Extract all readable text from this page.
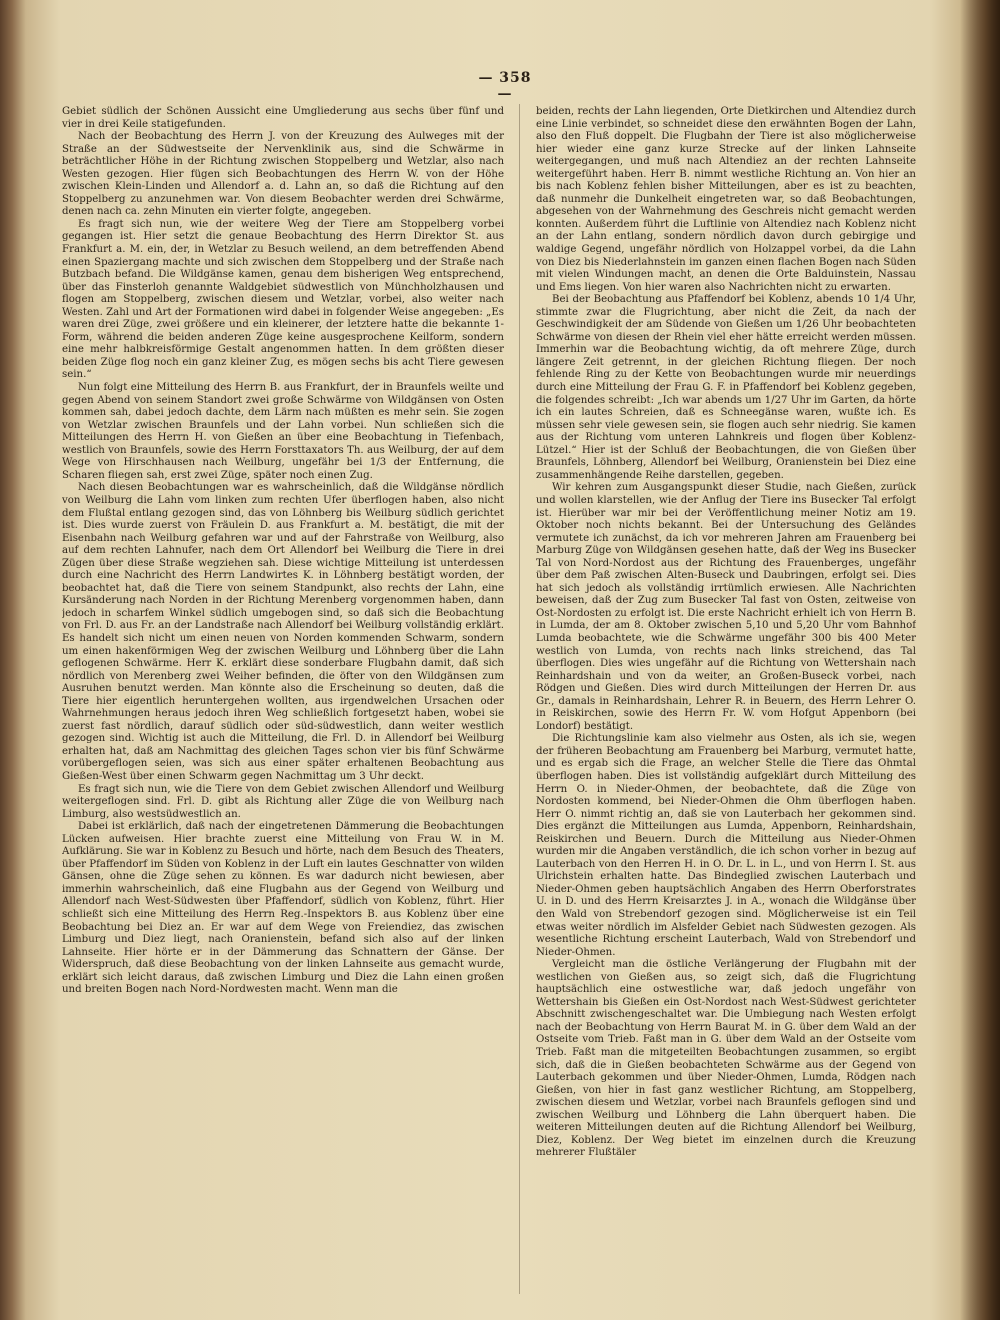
— 358 —

Gebiet südlich der Schönen Aussicht eine Umgliederung aus sechs über fünf und vier in drei Keile statigefunden.

Nach der Beobachtung des Herrn J. von der Kreuzung des Aulweges mit der Straße an der Südwestseite der Nervenklinik aus, sind die Schwärme in beträchtlicher Höhe in der Richtung zwischen Stoppelberg und Wetzlar, also nach Westen gezogen. Hier fügen sich Beobachtungen des Herrn W. von der Höhe zwischen Klein-Linden und Allendorf a. d. Lahn an, so daß die Richtung auf den Stoppelberg zu anzunehmen war. Von diesem Beobachter werden drei Schwärme, denen nach ca. zehn Minuten ein vierter folgte, angegeben.

Es fragt sich nun, wie der weitere Weg der Tiere am Stoppelberg vorbei gegangen ist. Hier setzt die genaue Beobachtung des Herrn Direktor St. aus Frankfurt a. M. ein, der, in Wetzlar zu Besuch weilend, an dem betreffenden Abend einen Spaziergang machte und sich zwischen dem Stoppelberg und der Straße nach Butzbach befand. Die Wildgänse kamen, genau dem bisherigen Weg entsprechend, über das Finsterloh genannte Waldgebiet südwestlich von Münchholzhausen und flogen am Stoppelberg, zwischen diesem und Wetzlar, vorbei, also weiter nach Westen. Zahl und Art der Formationen wird dabei in folgender Weise angegeben: „Es waren drei Züge, zwei größere und ein kleinerer, der letztere hatte die bekannte 1-Form, während die beiden anderen Züge keine ausgesprochene Keilform, sondern eine mehr halbkreisförmige Gestalt angenommen hatten. In dem größten dieser beiden Züge flog noch ein ganz kleiner Zug, es mögen sechs bis acht Tiere gewesen sein.“

Nun folgt eine Mitteilung des Herrn B. aus Frankfurt, der in Braunfels weilte und gegen Abend von seinem Standort zwei große Schwärme von Wildgänsen von Osten kommen sah, dabei jedoch dachte, dem Lärm nach müßten es mehr sein. Sie zogen von Wetzlar zwischen Braunfels und der Lahn vorbei. Nun schließen sich die Mitteilungen des Herrn H. von Gießen an über eine Beobachtung in Tiefenbach, westlich von Braunfels, sowie des Herrn Forsttaxators Th. aus Weilburg, der auf dem Wege von Hirschhausen nach Weilburg, ungefähr bei 1/3 der Entfernung, die Scharen fliegen sah, erst zwei Züge, später noch einen Zug.

Nach diesen Beobachtungen war es wahrscheinlich, daß die Wildgänse nördlich von Weilburg die Lahn vom linken zum rechten Ufer überflogen haben, also nicht dem Flußtal entlang gezogen sind, das von Löhnberg bis Weilburg südlich gerichtet ist. Dies wurde zuerst von Fräulein D. aus Frankfurt a. M. bestätigt, die mit der Eisenbahn nach Weilburg gefahren war und auf der Fahrstraße von Weilburg, also auf dem rechten Lahnufer, nach dem Ort Allendorf bei Weilburg die Tiere in drei Zügen über diese Straße wegziehen sah. Diese wichtige Mitteilung ist unterdessen durch eine Nachricht des Herrn Landwirtes K. in Löhnberg bestätigt worden, der beobachtet hat, daß die Tiere von seinem Standpunkt, also rechts der Lahn, eine Kursänderung nach Norden in der Richtung Merenberg vorgenommen haben, dann jedoch in scharfem Winkel südlich umgebogen sind, so daß sich die Beobachtung von Frl. D. aus Fr. an der Landstraße nach Allendorf bei Weilburg vollständig erklärt. Es handelt sich nicht um einen neuen von Norden kommenden Schwarm, sondern um einen hakenförmigen Weg der zwischen Weilburg und Löhnberg über die Lahn geflogenen Schwärme. Herr K. erklärt diese sonderbare Flugbahn damit, daß sich nördlich von Merenberg zwei Weiher befinden, die öfter von den Wildgänsen zum Ausruhen benutzt werden. Man könnte also die Erscheinung so deuten, daß die Tiere hier eigentlich heruntergehen wollten, aus irgendwelchen Ursachen oder Wahrnehmungen heraus jedoch ihren Weg schließlich fortgesetzt haben, wobei sie zuerst fast nördlich, darauf südlich oder süd-südwestlich, dann weiter westlich gezogen sind. Wichtig ist auch die Mitteilung, die Frl. D. in Allendorf bei Weilburg erhalten hat, daß am Nachmittag des gleichen Tages schon vier bis fünf Schwärme vorübergeflogen seien, was sich aus einer später erhaltenen Beobachtung aus Gießen-West über einen Schwarm gegen Nachmittag um 3 Uhr deckt.

Es fragt sich nun, wie die Tiere von dem Gebiet zwischen Allendorf und Weilburg weitergeflogen sind. Frl. D. gibt als Richtung aller Züge die von Weilburg nach Limburg, also westsüdwestlich an.

Dabei ist erklärlich, daß nach der eingetretenen Dämmerung die Beobachtungen Lücken aufweisen. Hier brachte zuerst eine Mitteilung von Frau W. in M. Aufklärung. Sie war in Koblenz zu Besuch und hörte, nach dem Besuch des Theaters, über Pfaffendorf im Süden von Koblenz in der Luft ein lautes Geschnatter von wilden Gänsen, ohne die Züge sehen zu können. Es war dadurch nicht bewiesen, aber immerhin wahrscheinlich, daß eine Flugbahn aus der Gegend von Weilburg und Allendorf nach West-Südwesten über Pfaffendorf, südlich von Koblenz, führt. Hier schließt sich eine Mitteilung des Herrn Reg.-Inspektors B. aus Koblenz über eine Beobachtung bei Diez an. Er war auf dem Wege von Freiendiez, das zwischen Limburg und Diez liegt, nach Oranienstein, befand sich also auf der linken Lahnseite. Hier hörte er in der Dämmerung das Schnattern der Gänse. Der Widerspruch, daß diese Beobachtung von der linken Lahnseite aus gemacht wurde, erklärt sich leicht daraus, daß zwischen Limburg und Diez die Lahn einen großen und breiten Bogen nach Nord-Nordwesten macht. Wenn man die

beiden, rechts der Lahn liegenden, Orte Dietkirchen und Altendiez durch eine Linie verbindet, so schneidet diese den erwähnten Bogen der Lahn, also den Fluß doppelt. Die Flugbahn der Tiere ist also möglicherweise hier wieder eine ganz kurze Strecke auf der linken Lahnseite weitergegangen, und muß nach Altendiez an der rechten Lahnseite weitergeführt haben. Herr B. nimmt westliche Richtung an. Von hier an bis nach Koblenz fehlen bisher Mitteilungen, aber es ist zu beachten, daß nunmehr die Dunkelheit eingetreten war, so daß Beobachtungen, abgesehen von der Wahrnehmung des Geschreis nicht gemacht werden konnten. Außerdem führt die Luftlinie von Altendiez nach Koblenz nicht an der Lahn entlang, sondern nördlich davon durch gebirgige und waldige Gegend, ungefähr nördlich von Holzappel vorbei, da die Lahn von Diez bis Niederlahnstein im ganzen einen flachen Bogen nach Süden mit vielen Windungen macht, an denen die Orte Balduinstein, Nassau und Ems liegen. Von hier waren also Nachrichten nicht zu erwarten.

Bei der Beobachtung aus Pfaffendorf bei Koblenz, abends 10 1/4 Uhr, stimmte zwar die Flugrichtung, aber nicht die Zeit, da nach der Geschwindigkeit der am Südende von Gießen um 1/26 Uhr beobachteten Schwärme von diesen der Rhein viel eher hätte erreicht werden müssen. Immerhin war die Beobachtung wichtig, da oft mehrere Züge, durch längere Zeit getrennt, in der gleichen Richtung fliegen. Der noch fehlende Ring zu der Kette von Beobachtungen wurde mir neuerdings durch eine Mitteilung der Frau G. F. in Pfaffendorf bei Koblenz gegeben, die folgendes schreibt: „Ich war abends um 1/27 Uhr im Garten, da hörte ich ein lautes Schreien, daß es Schneegänse waren, wußte ich. Es müssen sehr viele gewesen sein, sie flogen auch sehr niedrig. Sie kamen aus der Richtung vom unteren Lahnkreis und flogen über Koblenz-Lützel.“ Hier ist der Schluß der Beobachtungen, die von Gießen über Braunfels, Löhnberg, Allendorf bei Weilburg, Oranienstein bei Diez eine zusammenhängende Reihe darstellen, gegeben.

Wir kehren zum Ausgangspunkt dieser Studie, nach Gießen, zurück und wollen klarstellen, wie der Anflug der Tiere ins Busecker Tal erfolgt ist. Hierüber war mir bei der Veröffentlichung meiner Notiz am 19. Oktober noch nichts bekannt. Bei der Untersuchung des Geländes vermutete ich zunächst, da ich vor mehreren Jahren am Frauenberg bei Marburg Züge von Wildgänsen gesehen hatte, daß der Weg ins Busecker Tal von Nord-Nordost aus der Richtung des Frauenberges, ungefähr über dem Paß zwischen Alten-Buseck und Daubringen, erfolgt sei. Dies hat sich jedoch als vollständig irrtümlich erwiesen. Alle Nachrichten beweisen, daß der Zug zum Busecker Tal fast von Osten, zeitweise von Ost-Nordosten zu erfolgt ist. Die erste Nachricht erhielt ich von Herrn B. in Lumda, der am 8. Oktober zwischen 5,10 und 5,20 Uhr vom Bahnhof Lumda beobachtete, wie die Schwärme ungefähr 300 bis 400 Meter westlich von Lumda, von rechts nach links streichend, das Tal überflogen. Dies wies ungefähr auf die Richtung von Wettershain nach Reinhardshain und von da weiter, an Großen-Buseck vorbei, nach Rödgen und Gießen. Dies wird durch Mitteilungen der Herren Dr. aus Gr., damals in Reinhardshain, Lehrer R. in Beuern, des Herrn Lehrer O. in Reiskirchen, sowie des Herrn Fr. W. vom Hofgut Appenborn (bei Londorf) bestätigt.

Die Richtungslinie kam also vielmehr aus Osten, als ich sie, wegen der früheren Beobachtung am Frauenberg bei Marburg, vermutet hatte, und es ergab sich die Frage, an welcher Stelle die Tiere das Ohmtal überflogen haben. Dies ist vollständig aufgeklärt durch Mitteilung des Herrn O. in Nieder-Ohmen, der beobachtete, daß die Züge von Nordosten kommend, bei Nieder-Ohmen die Ohm überflogen haben. Herr O. nimmt richtig an, daß sie von Lauterbach her gekommen sind. Dies ergänzt die Mitteilungen aus Lumda, Appenborn, Reinhardshain, Reiskirchen und Beuern. Durch die Mitteilung aus Nieder-Ohmen wurden mir die Angaben verständlich, die ich schon vorher in bezug auf Lauterbach von den Herren H. in O. Dr. L. in L., und von Herrn I. St. aus Ulrichstein erhalten hatte. Das Bindeglied zwischen Lauterbach und Nieder-Ohmen geben hauptsächlich Angaben des Herrn Oberforstrates U. in D. und des Herrn Kreisarztes J. in A., wonach die Wildgänse über den Wald von Strebendorf gezogen sind. Möglicherweise ist ein Teil etwas weiter nördlich im Alsfelder Gebiet nach Südwesten gezogen. Als wesentliche Richtung erscheint Lauterbach, Wald von Strebendorf und Nieder-Ohmen.

Vergleicht man die östliche Verlängerung der Flugbahn mit der westlichen von Gießen aus, so zeigt sich, daß die Flugrichtung hauptsächlich eine ostwestliche war, daß jedoch ungefähr von Wettershain bis Gießen ein Ost-Nordost nach West-Südwest gerichteter Abschnitt zwischengeschaltet war. Die Umbiegung nach Westen erfolgt nach der Beobachtung von Herrn Baurat M. in G. über dem Wald an der Ostseite vom Trieb. Faßt man in G. über dem Wald an der Ostseite vom Trieb. Faßt man die mitgeteilten Beobachtungen zusammen, so ergibt sich, daß die in Gießen beobachteten Schwärme aus der Gegend von Lauterbach gekommen und über Nieder-Ohmen, Lumda, Rödgen nach Gießen, von hier in fast ganz westlicher Richtung, am Stoppelberg, zwischen diesem und Wetzlar, vorbei nach Braunfels geflogen sind und zwischen Weilburg und Löhnberg die Lahn überquert haben. Die weiteren Mitteilungen deuten auf die Richtung Allendorf bei Weilburg, Diez, Koblenz. Der Weg bietet im einzelnen durch die Kreuzung mehrerer Flußtäler
